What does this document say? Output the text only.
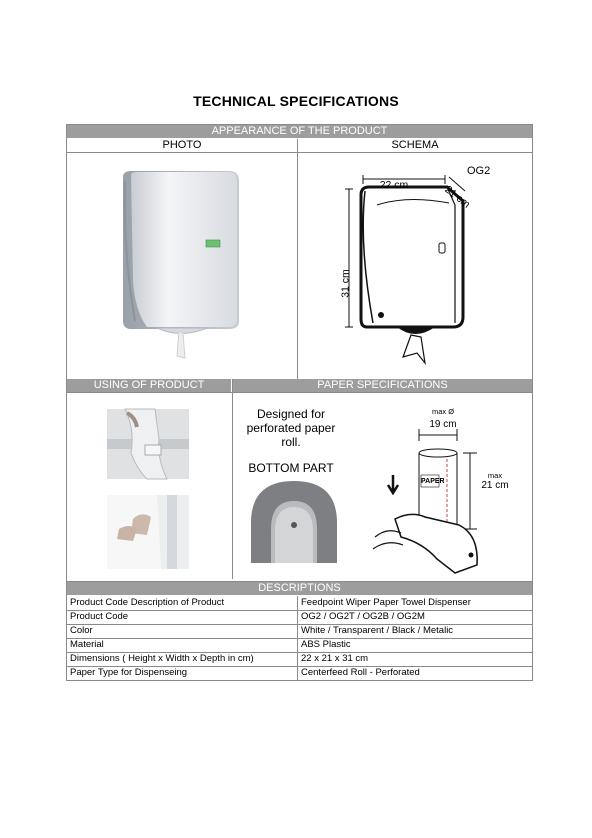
TECHNICAL SPECIFICATIONS
APPEARANCE OF THE PRODUCT
PHOTO	SCHEMA
OG2
22 cm	21 cm
31 cm
USING OF PRODUCT	PAPER SPECIFICATIONS
Designed for perforated paper roll.
BOTTOM PART
max Ø
19 cm
max
21 cm
PAPER
DESCRIPTIONS
Product Code Description of Product	Feedpoint Wiper Paper Towel Dispenser
Product Code	OG2 / OG2T / OG2B / OG2M
Color	White / Transparent / Black / Metalic
Material	ABS Plastic
Dimensions ( Height x Width x Depth in cm)	22 x 21 x 31 cm
Paper Type for Dispenseing	Centerfeed Roll - Perforated
